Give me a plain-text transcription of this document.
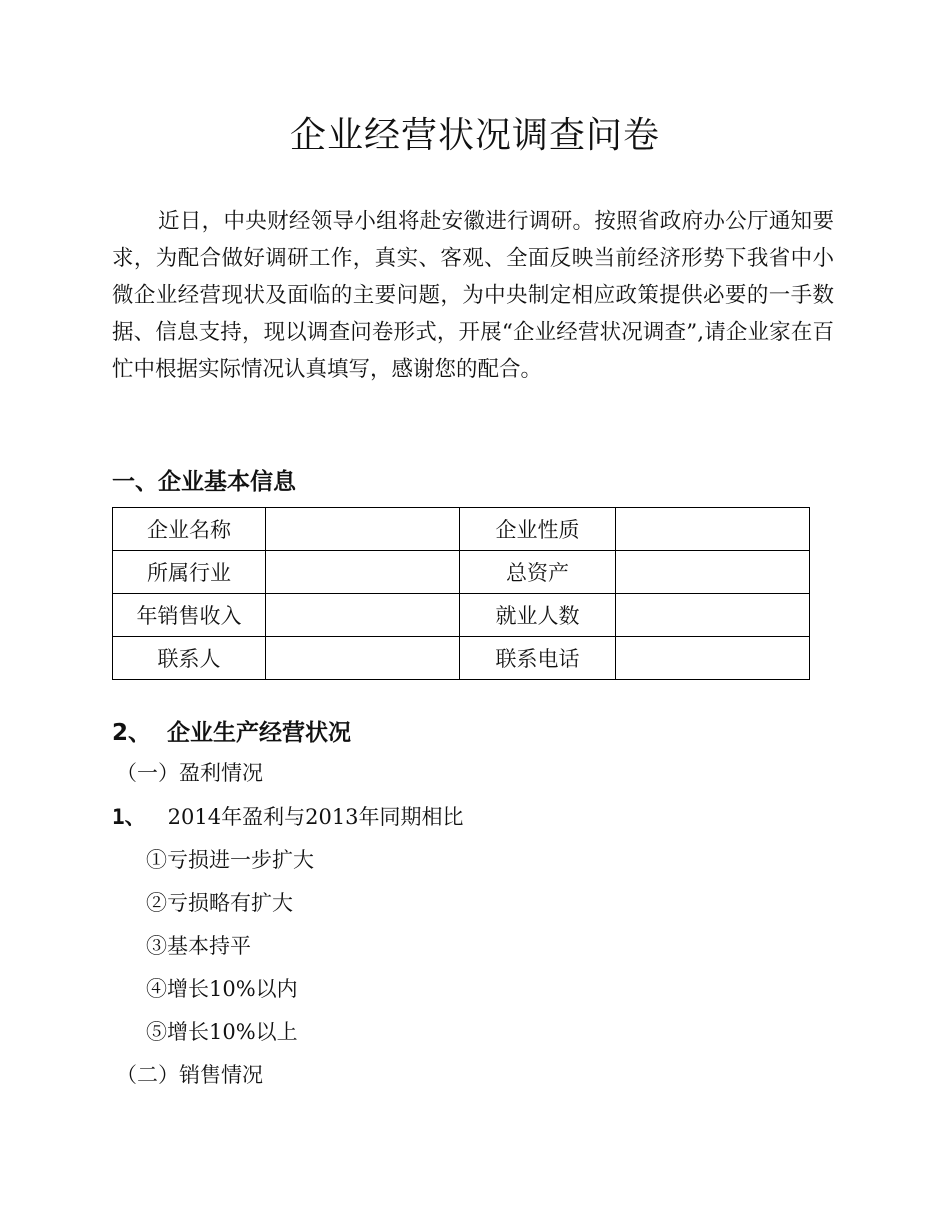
企业经营状况调查问卷

近日，中央财经领导小组将赴安徽进行调研。按照省政府办公厅通知要求，为配合做好调研工作，真实、客观、全面反映当前经济形势下我省中小微企业经营现状及面临的主要问题，为中央制定相应政策提供必要的一手数据、信息支持，现以调查问卷形式，开展“企业经营状况调查”,请企业家在百忙中根据实际情况认真填写，感谢您的配合。

一、企业基本信息
企业名称		企业性质	
所属行业		总资产	
年销售收入		就业人数	
联系人		联系电话	
2、  企业生产经营状况
（一）盈利情况
1、 2014年盈利与2013年同期相比
①亏损进一步扩大
②亏损略有扩大
③基本持平
④增长10%以内
⑤增长10%以上
（二）销售情况
